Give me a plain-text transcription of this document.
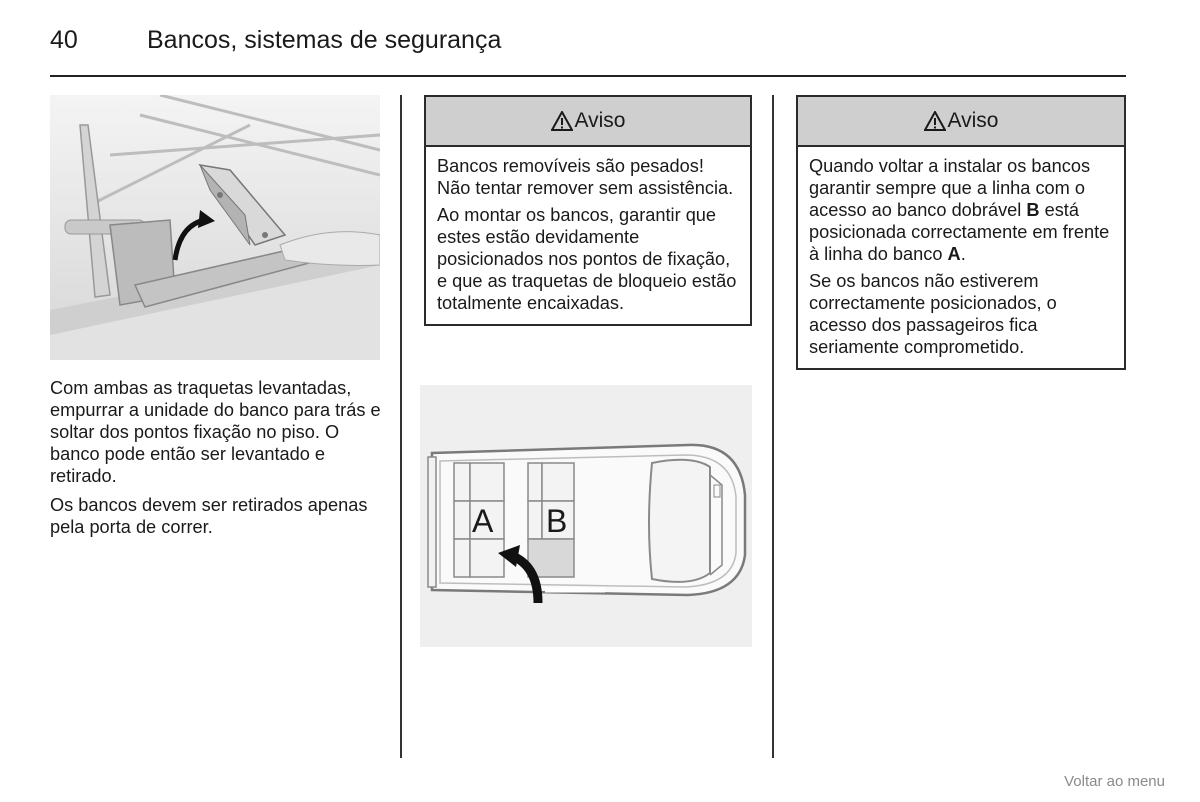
40	Bancos, sistemas de segurança

Com ambas as traquetas levantadas, empurrar a unidade do banco para trás e soltar dos pontos fixação no piso. O banco pode então ser levantado e retirado.

Os bancos devem ser retirados apenas pela porta de correr.

Aviso

Bancos removíveis são pesados! Não tentar remover sem assistência.

Ao montar os bancos, garantir que estes estão devidamente posicionados nos pontos de fixação, e que as traquetas de bloqueio estão totalmente encaixadas.

A B
Aviso

Quando voltar a instalar os bancos garantir sempre que a linha com o acesso ao banco dobrável B está posicionada correctamente em frente à linha do banco A.

Se os bancos não estiverem correctamente posicionados, o acesso dos passageiros fica seriamente comprometido.

Voltar ao menu
